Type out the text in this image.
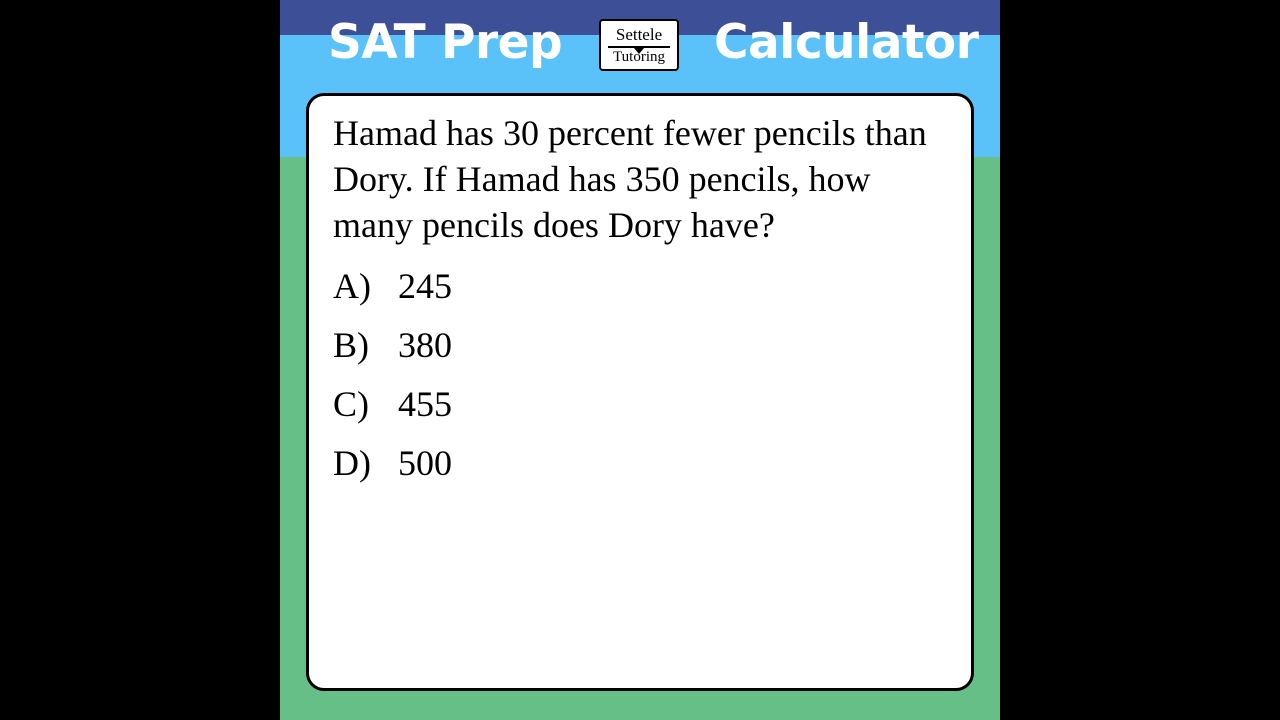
SAT Prep	Settele
Tutoring Calculator

Hamad has 30 percent fewer pencils than Dory. If Hamad has 350 pencils, how many pencils does Dory have?

A) 245
B) 380
C) 455
D) 500
